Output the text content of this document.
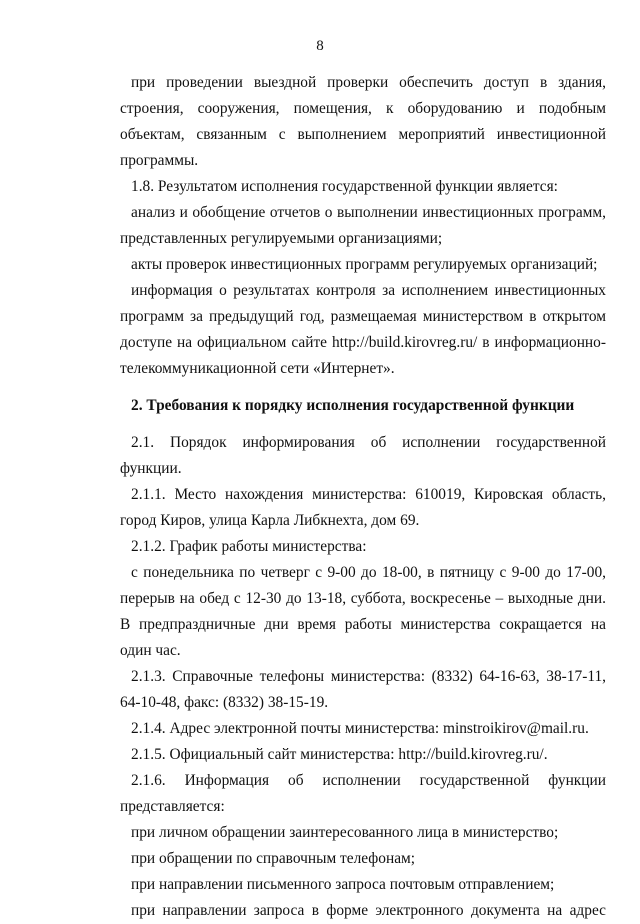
8

при проведении выездной проверки обеспечить доступ в здания, строения, сооружения, помещения, к оборудованию и подобным объектам, связанным с выполнением мероприятий инвестиционной программы.

1.8. Результатом исполнения государственной функции является:

анализ и обобщение отчетов о выполнении инвестиционных программ, представленных регулируемыми организациями;

акты проверок инвестиционных программ регулируемых организаций;

информация о результатах контроля за исполнением инвестиционных программ за предыдущий год, размещаемая министерством в открытом доступе на официальном сайте http://build.kirovreg.ru/ в информационно-телекоммуникационной сети «Интернет».

2. Требования к порядку исполнения государственной функции

2.1. Порядок информирования об исполнении государственной функции.

2.1.1. Место нахождения министерства: 610019, Кировская область, город Киров, улица Карла Либкнехта, дом 69.

2.1.2. График работы министерства:

с понедельника по четверг с 9-00 до 18-00, в пятницу с 9-00 до 17-00, перерыв на обед с 12-30 до 13-18, суббота, воскресенье – выходные дни. В предпраздничные дни время работы министерства сокращается на один час.

2.1.3. Справочные телефоны министерства: (8332) 64-16-63, 38-17-11, 64-10-48, факс: (8332) 38-15-19.

2.1.4. Адрес электронной почты министерства: minstroikirov@mail.ru.

2.1.5. Официальный сайт министерства: http://build.kirovreg.ru/.

2.1.6. Информация об исполнении государственной функции представляется:

при личном обращении заинтересованного лица в министерство;

при обращении по справочным телефонам;

при направлении письменного запроса почтовым отправлением;

при направлении запроса в форме электронного документа на адрес
